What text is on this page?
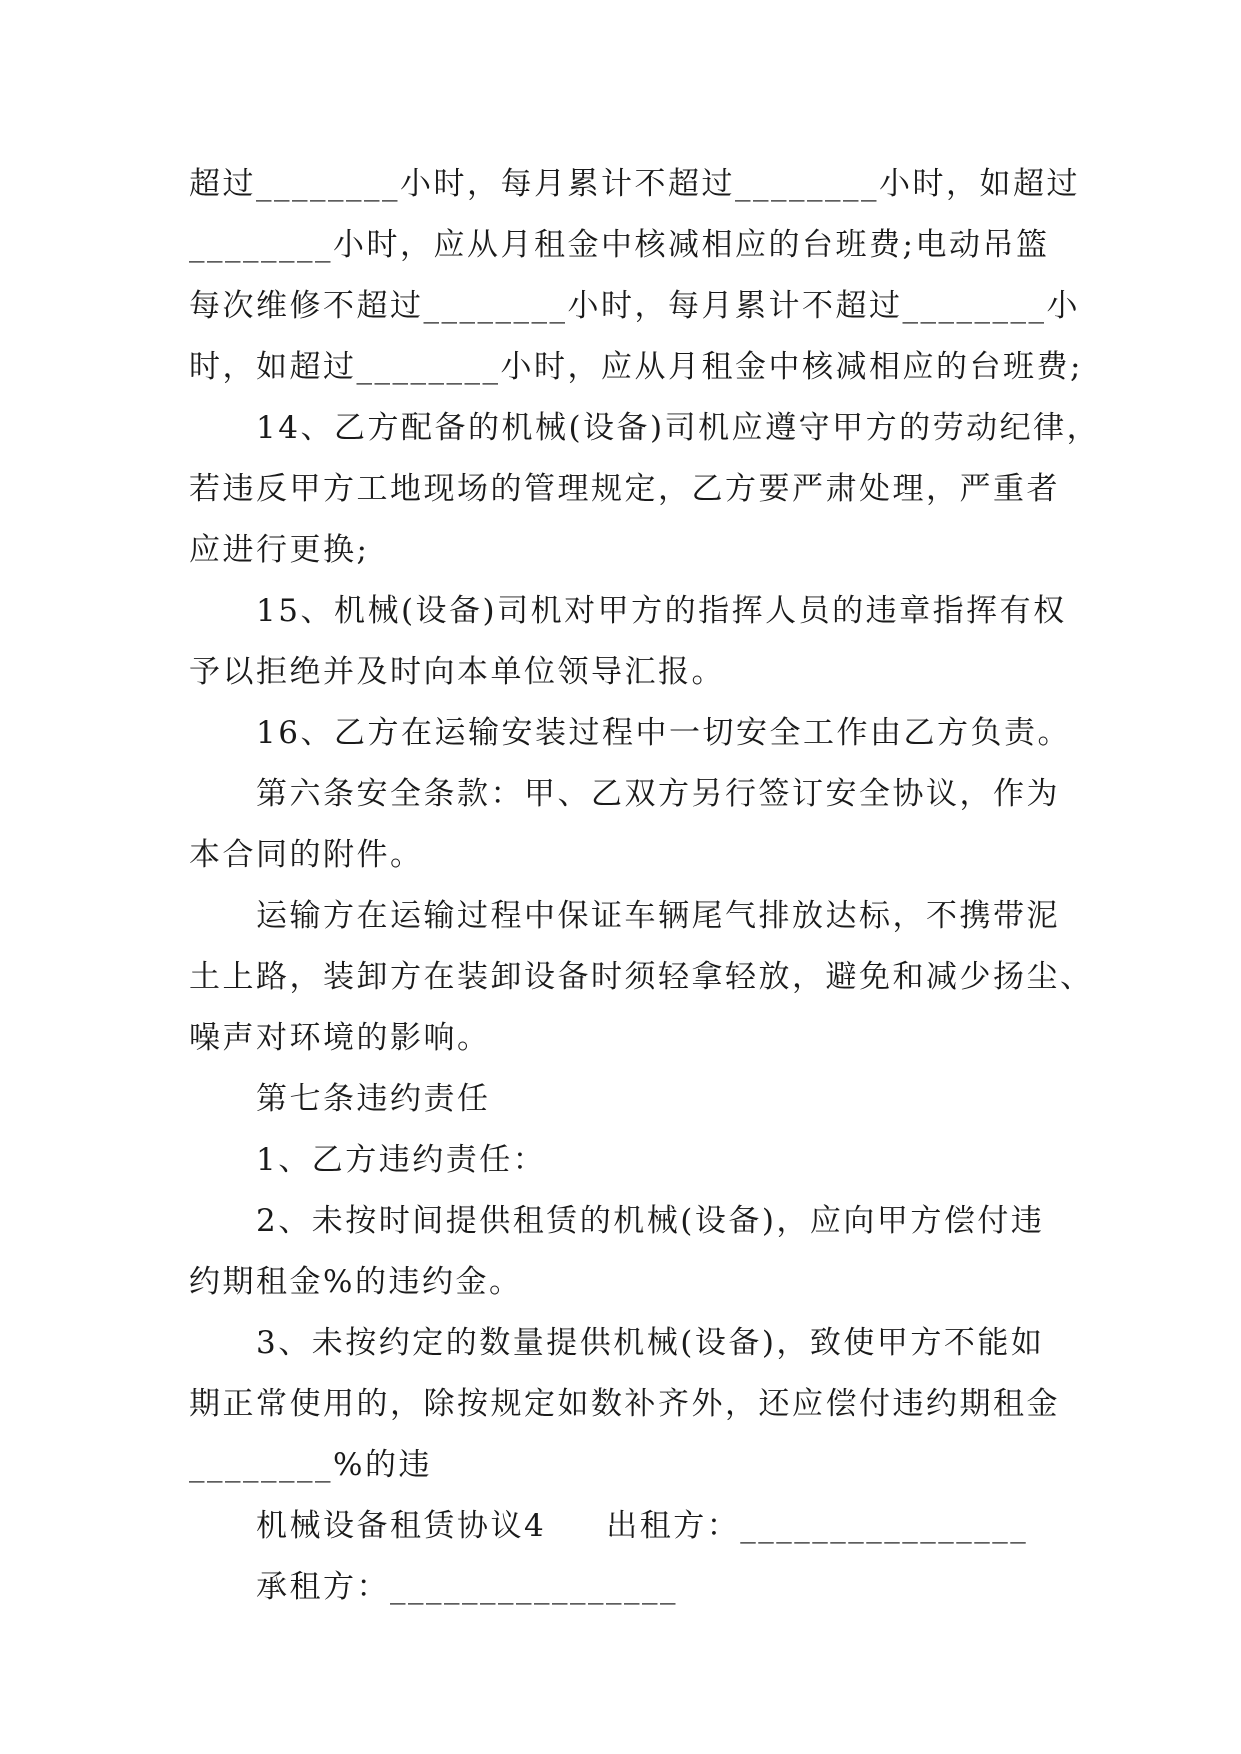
超过________小时，每月累计不超过________小时，如超过
________小时，应从月租金中核减相应的台班费;电动吊篮
每次维修不超过________小时，每月累计不超过________小
时，如超过________小时，应从月租金中核减相应的台班费;
14、乙方配备的机械(设备)司机应遵守甲方的劳动纪律，
若违反甲方工地现场的管理规定，乙方要严肃处理，严重者
应进行更换;
15、机械(设备)司机对甲方的指挥人员的违章指挥有权
予以拒绝并及时向本单位领导汇报。
16、乙方在运输安装过程中一切安全工作由乙方负责。
第六条安全条款：甲、乙双方另行签订安全协议，作为
本合同的附件。
运输方在运输过程中保证车辆尾气排放达标，不携带泥
土上路，装卸方在装卸设备时须轻拿轻放，避免和减少扬尘、
噪声对环境的影响。
第七条违约责任
1、乙方违约责任：
2、未按时间提供租赁的机械(设备)，应向甲方偿付违
约期租金%的违约金。
3、未按约定的数量提供机械(设备)，致使甲方不能如
期正常使用的，除按规定如数补齐外，还应偿付违约期租金
________%的违
机械设备租赁协议4 出租方：________________
承租方：________________
